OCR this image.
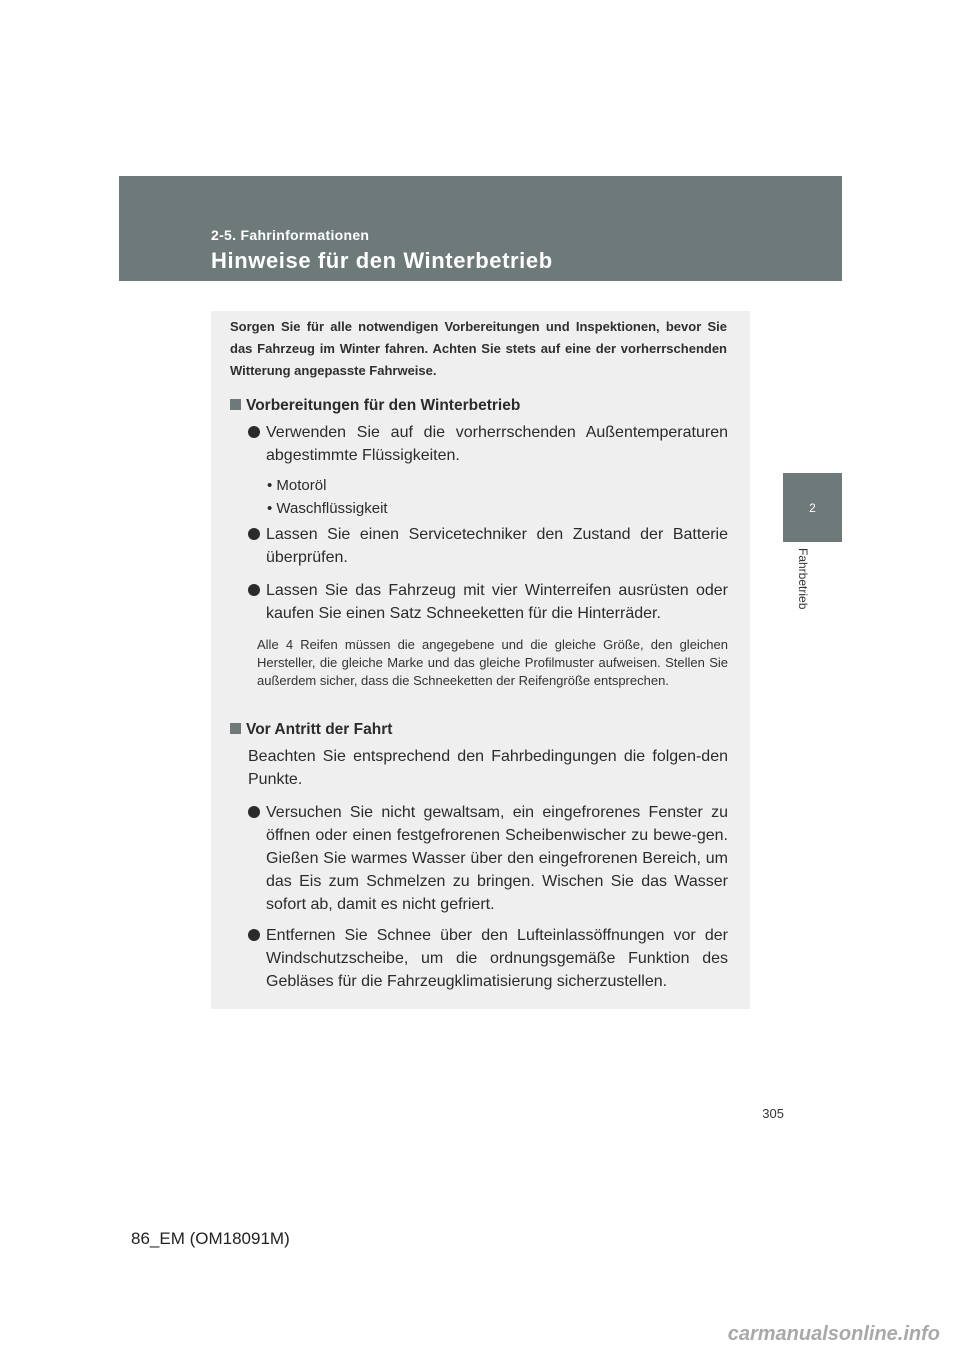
2-5. Fahrinformationen
Hinweise für den Winterbetrieb
2
Fahrbetrieb
Sorgen Sie für alle notwendigen Vorbereitungen und Inspektionen, bevor Sie das Fahrzeug im Winter fahren. Achten Sie stets auf eine der vorherrschenden Witterung angepasste Fahrweise.
Vorbereitungen für den Winterbetrieb
Verwenden Sie auf die vorherrschenden Außentemperaturen abgestimmte Flüssigkeiten.
• Motoröl
• Waschflüssigkeit
Lassen Sie einen Servicetechniker den Zustand der Batterie überprüfen.
Lassen Sie das Fahrzeug mit vier Winterreifen ausrüsten oder kaufen Sie einen Satz Schneeketten für die Hinterräder.
Alle 4 Reifen müssen die angegebene und die gleiche Größe, den gleichen Hersteller, die gleiche Marke und das gleiche Profilmuster aufweisen. Stellen Sie außerdem sicher, dass die Schneeketten der Reifengröße entsprechen.
Vor Antritt der Fahrt
Beachten Sie entsprechend den Fahrbedingungen die folgen-den Punkte.
Versuchen Sie nicht gewaltsam, ein eingefrorenes Fenster zu öffnen oder einen festgefrorenen Scheibenwischer zu bewe-gen. Gießen Sie warmes Wasser über den eingefrorenen Bereich, um das Eis zum Schmelzen zu bringen. Wischen Sie das Wasser sofort ab, damit es nicht gefriert.
Entfernen Sie Schnee über den Lufteinlassöffnungen vor der Windschutzscheibe, um die ordnungsgemäße Funktion des Gebläses für die Fahrzeugklimatisierung sicherzustellen.
305
86_EM (OM18091M)
carmanualsonline.info
